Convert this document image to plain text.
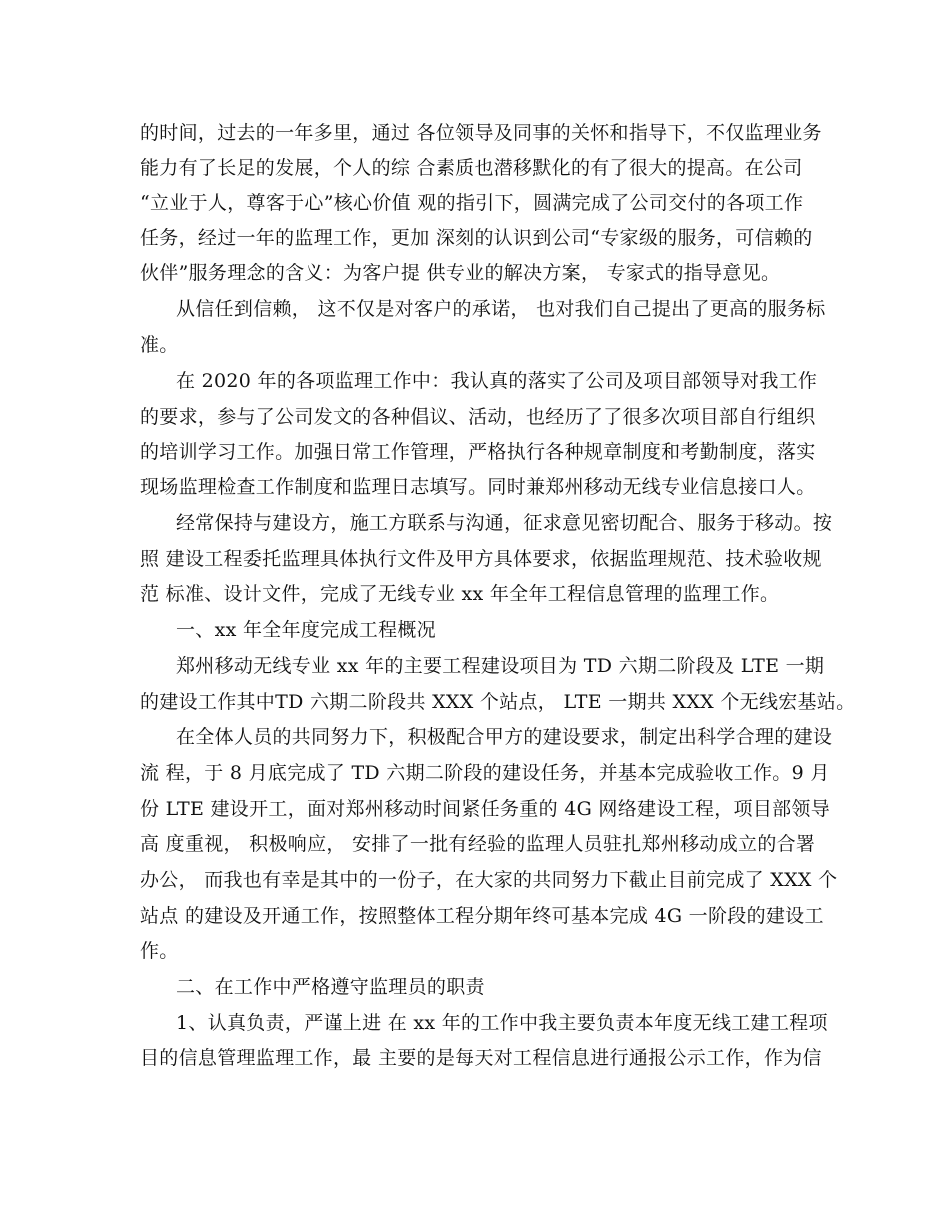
的时间，过去的一年多里，通过 各位领导及同事的关怀和指导下，不仅监理业务
能力有了长足的发展，个人的综 合素质也潜移默化的有了很大的提高。在公司
“立业于人，尊客于心”核心价值 观的指引下，圆满完成了公司交付的各项工作
任务，经过一年的监理工作，更加 深刻的认识到公司“专家级的服务，可信赖的
伙伴”服务理念的含义：为客户提 供专业的解决方案， 专家式的指导意见。
从信任到信赖， 这不仅是对客户的承诺， 也对我们自己提出了更高的服务标
准。
在 2020 年的各项监理工作中：我认真的落实了公司及项目部领导对我工作
的要求，参与了公司发文的各种倡议、活动，也经历了了很多次项目部自行组织
的培训学习工作。加强日常工作管理，严格执行各种规章制度和考勤制度，落实
现场监理检查工作制度和监理日志填写。同时兼郑州移动无线专业信息接口人。
经常保持与建设方，施工方联系与沟通，征求意见密切配合、服务于移动。按
照 建设工程委托监理具体执行文件及甲方具体要求，依据监理规范、技术验收规
范 标准、设计文件，完成了无线专业 xx 年全年工程信息管理的监理工作。
一、xx 年全年度完成工程概况
郑州移动无线专业 xx 年的主要工程建设项目为 TD 六期二阶段及 LTE 一期
的建设工作其中TD 六期二阶段共 XXX 个站点， LTE 一期共 XXX 个无线宏基站。
在全体人员的共同努力下，积极配合甲方的建设要求，制定出科学合理的建设
流 程，于 8 月底完成了 TD 六期二阶段的建设任务，并基本完成验收工作。9 月
份 LTE 建设开工，面对郑州移动时间紧任务重的 4G 网络建设工程，项目部领导
高 度重视， 积极响应， 安排了一批有经验的监理人员驻扎郑州移动成立的合署
办公， 而我也有幸是其中的一份子，在大家的共同努力下截止目前完成了 XXX 个
站点 的建设及开通工作，按照整体工程分期年终可基本完成 4G 一阶段的建设工
作。
二、在工作中严格遵守监理员的职责
1、认真负责，严谨上进 在 xx 年的工作中我主要负责本年度无线工建工程项
目的信息管理监理工作，最 主要的是每天对工程信息进行通报公示工作，作为信
